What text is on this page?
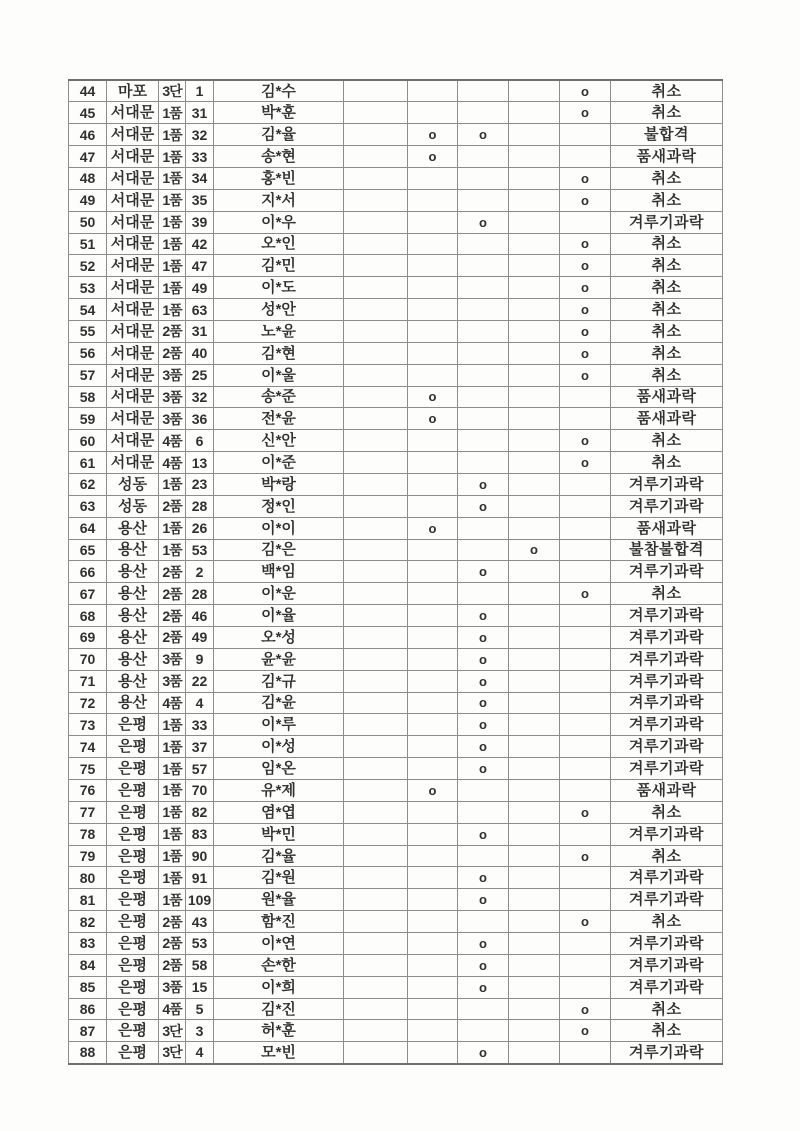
44	마포	3단	1	김*수					o	취소
45	서대문	1품	31	박*훈					o	취소
46	서대문	1품	32	김*율		o	o			불합격
47	서대문	1품	33	송*현		o				품새과락
48	서대문	1품	34	홍*빈					o	취소
49	서대문	1품	35	지*서					o	취소
50	서대문	1품	39	이*우			o			겨루기과락
51	서대문	1품	42	오*인					o	취소
52	서대문	1품	47	김*민					o	취소
53	서대문	1품	49	이*도					o	취소
54	서대문	1품	63	성*안					o	취소
55	서대문	2품	31	노*윤					o	취소
56	서대문	2품	40	김*현					o	취소
57	서대문	3품	25	이*울					o	취소
58	서대문	3품	32	송*준		o				품새과락
59	서대문	3품	36	전*윤		o				품새과락
60	서대문	4품	6	신*안					o	취소
61	서대문	4품	13	이*준					o	취소
62	성동	1품	23	박*랑			o			겨루기과락
63	성동	2품	28	정*인			o			겨루기과락
64	용산	1품	26	이*이		o				품새과락
65	용산	1품	53	김*은				o		불참불합격
66	용산	2품	2	백*임			o			겨루기과락
67	용산	2품	28	이*운					o	취소
68	용산	2품	46	이*율			o			겨루기과락
69	용산	2품	49	오*성			o			겨루기과락
70	용산	3품	9	윤*윤			o			겨루기과락
71	용산	3품	22	김*규			o			겨루기과락
72	용산	4품	4	김*윤			o			겨루기과락
73	은평	1품	33	이*루			o			겨루기과락
74	은평	1품	37	이*성			o			겨루기과락
75	은평	1품	57	임*온			o			겨루기과락
76	은평	1품	70	유*제		o				품새과락
77	은평	1품	82	염*엽					o	취소
78	은평	1품	83	박*민			o			겨루기과락
79	은평	1품	90	김*율					o	취소
80	은평	1품	91	김*원			o			겨루기과락
81	은평	1품	109	원*율			o			겨루기과락
82	은평	2품	43	함*진					o	취소
83	은평	2품	53	이*연			o			겨루기과락
84	은평	2품	58	손*한			o			겨루기과락
85	은평	3품	15	이*희			o			겨루기과락
86	은평	4품	5	김*진					o	취소
87	은평	3단	3	허*훈					o	취소
88	은평	3단	4	모*빈			o			겨루기과락
